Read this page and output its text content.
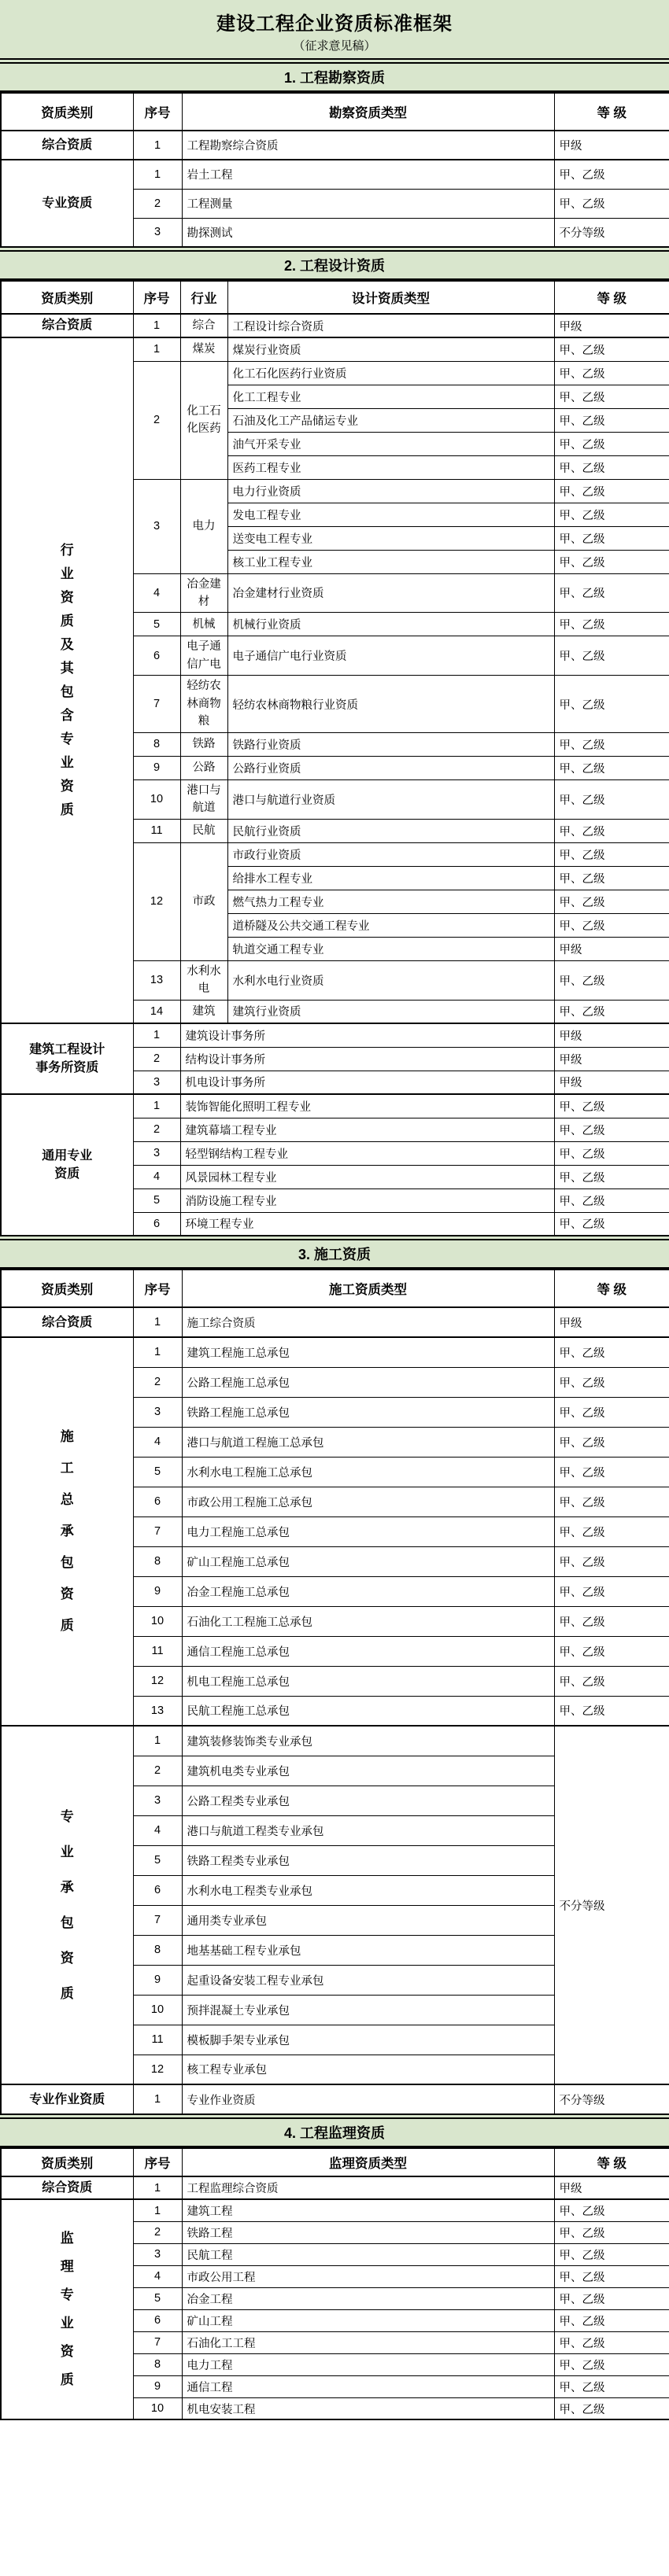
建设工程企业资质标准框架
（征求意见稿）
1. 工程勘察资质
资质类别	序号	勘察资质类型	等 级

综合资质	1	工程勘察综合资质	甲级

专业资质	1	岩土工程	甲、乙级
	2	工程测量	甲、乙级
	3	勘探测试	不分等级
2. 工程设计资质
资质类别	序号	行业	设计资质类型	等 级

综合资质	1	综合	工程设计综合资质	甲级

行
业
资
质
及
其
包
含
专
业
资
质
	1	煤炭	煤炭行业资质	甲、乙级
	2	化工石化医药	化工石化医药行业资质	甲、乙级
			化工工程专业	甲、乙级
			石油及化工产品储运专业	甲、乙级
			油气开采专业	甲、乙级
			医药工程专业	甲、乙级
	3	电力	电力行业资质	甲、乙级
			发电工程专业	甲、乙级
			送变电工程专业	甲、乙级
			核工业工程专业	甲、乙级
	4	冶金建材	冶金建材行业资质	甲、乙级
	5	机械	机械行业资质	甲、乙级
	6	电子通信广电	电子通信广电行业资质	甲、乙级
	7	轻纺农林商物粮	轻纺农林商物粮行业资质	甲、乙级
	8	铁路	铁路行业资质	甲、乙级
	9	公路	公路行业资质	甲、乙级
	10	港口与航道	港口与航道行业资质	甲、乙级
	11	民航	民航行业资质	甲、乙级
	12	市政	市政行业资质	甲、乙级
			给排水工程专业	甲、乙级
			燃气热力工程专业	甲、乙级
			道桥隧及公共交通工程专业	甲、乙级
			轨道交通工程专业	甲级
	13	水利水电	水利水电行业资质	甲、乙级
	14	建筑	建筑行业资质	甲、乙级

建筑工程设计
事务所资质	1	建筑设计事务所		甲级
	2	结构设计事务所		甲级
	3	机电设计事务所		甲级

通用专业
资质	1	装饰智能化照明工程专业		甲、乙级
	2	建筑幕墙工程专业		甲、乙级
	3	轻型钢结构工程专业		甲、乙级
	4	风景园林工程专业		甲、乙级
	5	消防设施工程专业		甲、乙级
	6	环境工程专业		甲、乙级
3. 施工资质
资质类别	序号	施工资质类型	等 级

综合资质	1	施工综合资质	甲级

施
工
总
承
包
资
质
	1	建筑工程施工总承包	甲、乙级
	2	公路工程施工总承包	甲、乙级
	3	铁路工程施工总承包	甲、乙级
	4	港口与航道工程施工总承包	甲、乙级
	5	水利水电工程施工总承包	甲、乙级
	6	市政公用工程施工总承包	甲、乙级
	7	电力工程施工总承包	甲、乙级
	8	矿山工程施工总承包	甲、乙级
	9	冶金工程施工总承包	甲、乙级
	10	石油化工工程施工总承包	甲、乙级
	11	通信工程施工总承包	甲、乙级
	12	机电工程施工总承包	甲、乙级
	13	民航工程施工总承包	甲、乙级

专
业
承
包
资
质
	1	建筑装修装饰类专业承包	不分等级
	2	建筑机电类专业承包	
	3	公路工程类专业承包	
	4	港口与航道工程类专业承包	
	5	铁路工程类专业承包	
	6	水利水电工程类专业承包	
	7	通用类专业承包	
	8	地基基础工程专业承包	
	9	起重设备安装工程专业承包	
	10	预拌混凝土专业承包	
	11	模板脚手架专业承包	
	12	核工程专业承包	

专业作业资质	1	专业作业资质	不分等级
4. 工程监理资质
资质类别	序号	监理资质类型	等 级

综合资质	1	工程监理综合资质	甲级

监
理
专
业
资
质
	1	建筑工程	甲、乙级
	2	铁路工程	甲、乙级
	3	民航工程	甲、乙级
	4	市政公用工程	甲、乙级
	5	冶金工程	甲、乙级
	6	矿山工程	甲、乙级
	7	石油化工工程	甲、乙级
	8	电力工程	甲、乙级
	9	通信工程	甲、乙级
	10	机电安装工程	甲、乙级
